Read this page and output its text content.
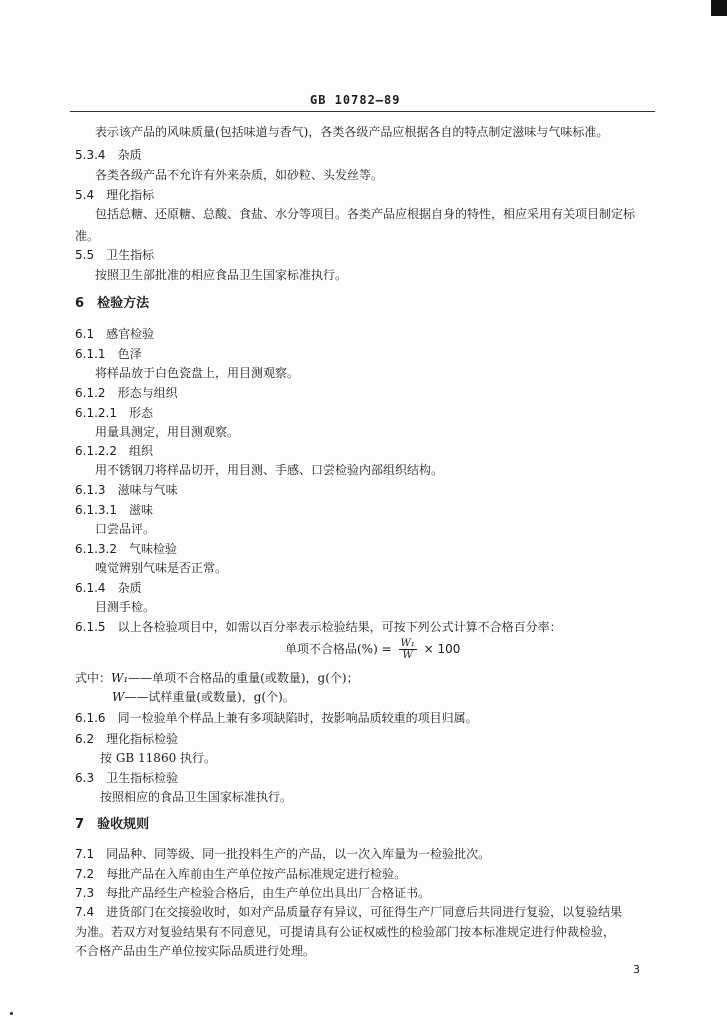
GB 10782—89
表示该产品的风味质量(包括味道与香气)，各类各级产品应根据各自的特点制定滋味与气味标准。
5.3.4　 杂质
各类各级产品不允许有外来杂质，如砂粒、头发丝等。
5.4　 理化指标
包括总糖、还原糖、总酸、食盐、水分等项目。各类产品应根据自身的特性，相应采用有关项目制定标
准。
5.5　 卫生指标
按照卫生部批准的相应食品卫生国家标准执行。
6　 检验方法
6.1　 感官检验
6.1.1　 色泽
将样品放于白色瓷盘上，用目测观察。
6.1.2　 形态与组织
6.1.2.1　 形态
用量具测定，用目测观察。
6.1.2.2　 组织
用不锈钢刀将样品切开，用目测、手感、口尝检验内部组织结构。
6.1.3　 滋味与气味
6.1.3.1　 滋味
口尝品评。
6.1.3.2　 气味检验
嗅觉辨别气味是否正常。
6.1.4　 杂质
目测手检。
6.1.5　 以上各检验项目中，如需以百分率表示检验结果，可按下列公式计算不合格百分率：
单项不合格品(%) = $\frac{\text{W₁}}{W} \times 100$
式中：W₁——单项不合格品的重量(或数量)，g(个)；
W——试样重量(或数量)，g(个)。
6.1.6　 同一检验单个样品上兼有多项缺陷时，按影响品质较重的项目归属。
6.2　 理化指标检验
按 GB 11860 执行。
6.3　 卫生指标检验
按照相应的食品卫生国家标准执行。
7　 验收规则
7.1　 同品种、同等级、同一批投料生产的产品，以一次入库量为一检验批次。
7.2　 每批产品在入库前由生产单位按产品标准规定进行检验。
7.3　 每批产品经生产检验合格后，由生产单位出具出厂合格证书。
7.4　 进货部门在交接验收时，如对产品质量存有异议，可征得生产厂同意后共同进行复验，以复验结果
为准。若双方对复验结果有不同意见，可提请具有公证权威性的检验部门按本标准规定进行仲裁检验，
不合格产品由生产单位按实际品质进行处理。
3
